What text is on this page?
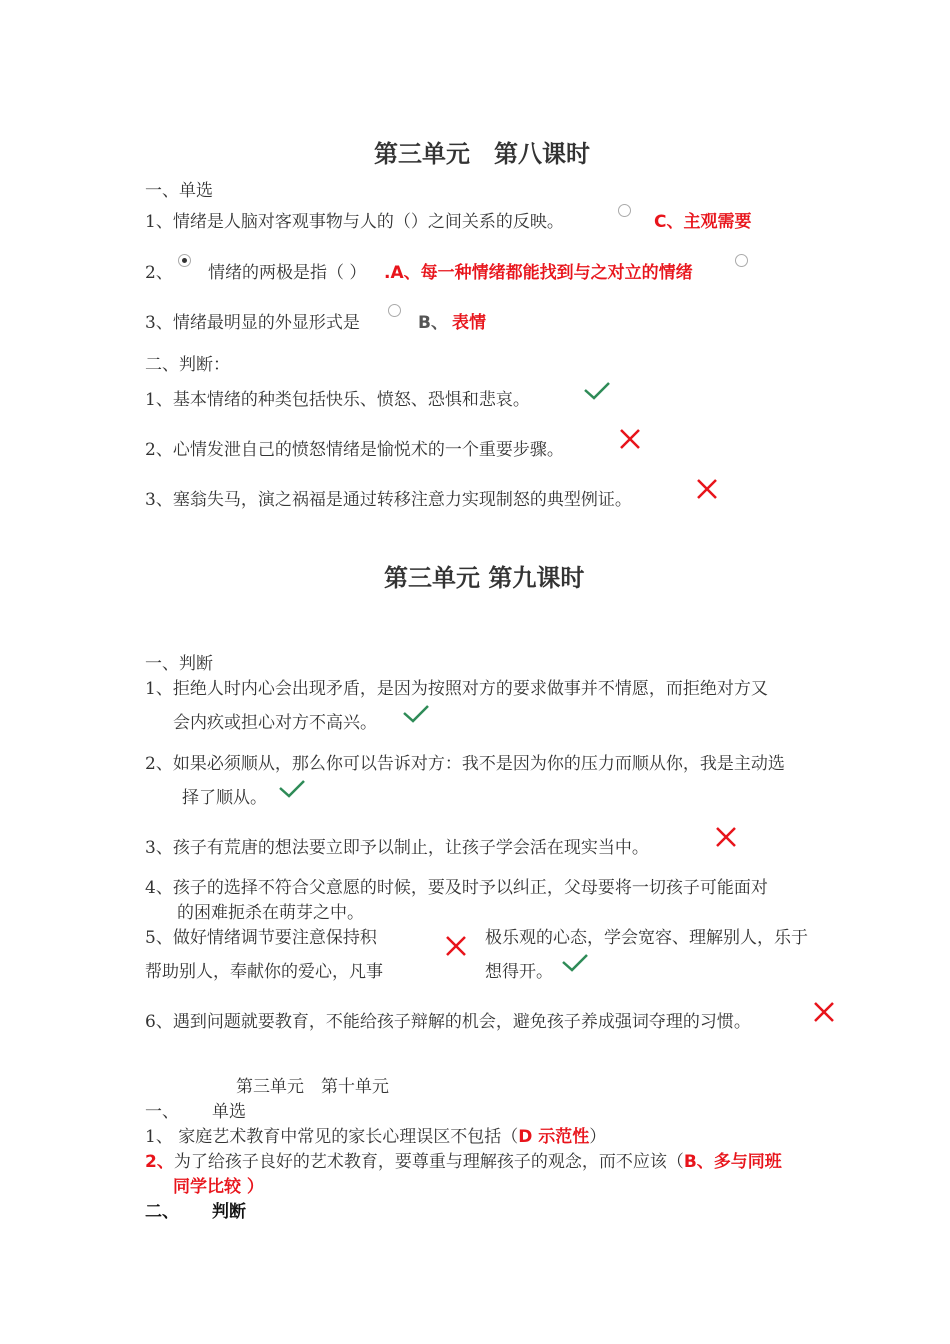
第三单元　第八课时
一、单选
1、情绪是人脑对客观事物与人的（）之间关系的反映。	C、主观需要
2、 情绪的两极是指（ ） .A、每一种情绪都能找到与之对立的情绪
3、情绪最明显的外显形式是	B、 表情
二、判断：
1、基本情绪的种类包括快乐、愤怒、恐惧和悲哀。
2、心情发泄自己的愤怒情绪是愉悦术的一个重要步骤。
3、塞翁失马，演之祸福是通过转移注意力实现制怒的典型例证。
第三单元 第九课时
一、判断
1、拒绝人时内心会出现矛盾，是因为按照对方的要求做事并不情愿，而拒绝对方又
会内疚或担心对方不高兴。
2、如果必须顺从，那么你可以告诉对方：我不是因为你的压力而顺从你，我是主动选
择了顺从。
3、孩子有荒唐的想法要立即予以制止，让孩子学会活在现实当中。
4、孩子的选择不符合父意愿的时候，要及时予以纠正，父母要将一切孩子可能面对
的困难扼杀在萌芽之中。
5、做好情绪调节要注意保持积
帮助别人，奉献你的爱心，凡事
极乐观的心态，学会宽容、理解别人，乐于
想得开。
6、遇到问题就要教育，不能给孩子辩解的机会，避免孩子养成强词夺理的习惯。
第三单元　第十单元
一、 单选
1、 家庭艺术教育中常见的家长心理误区不包括（D 示范性）
2、为了给孩子良好的艺术教育，要尊重与理解孩子的观念，而不应该（B、多与同班
同学比较 ）
二、 判断
